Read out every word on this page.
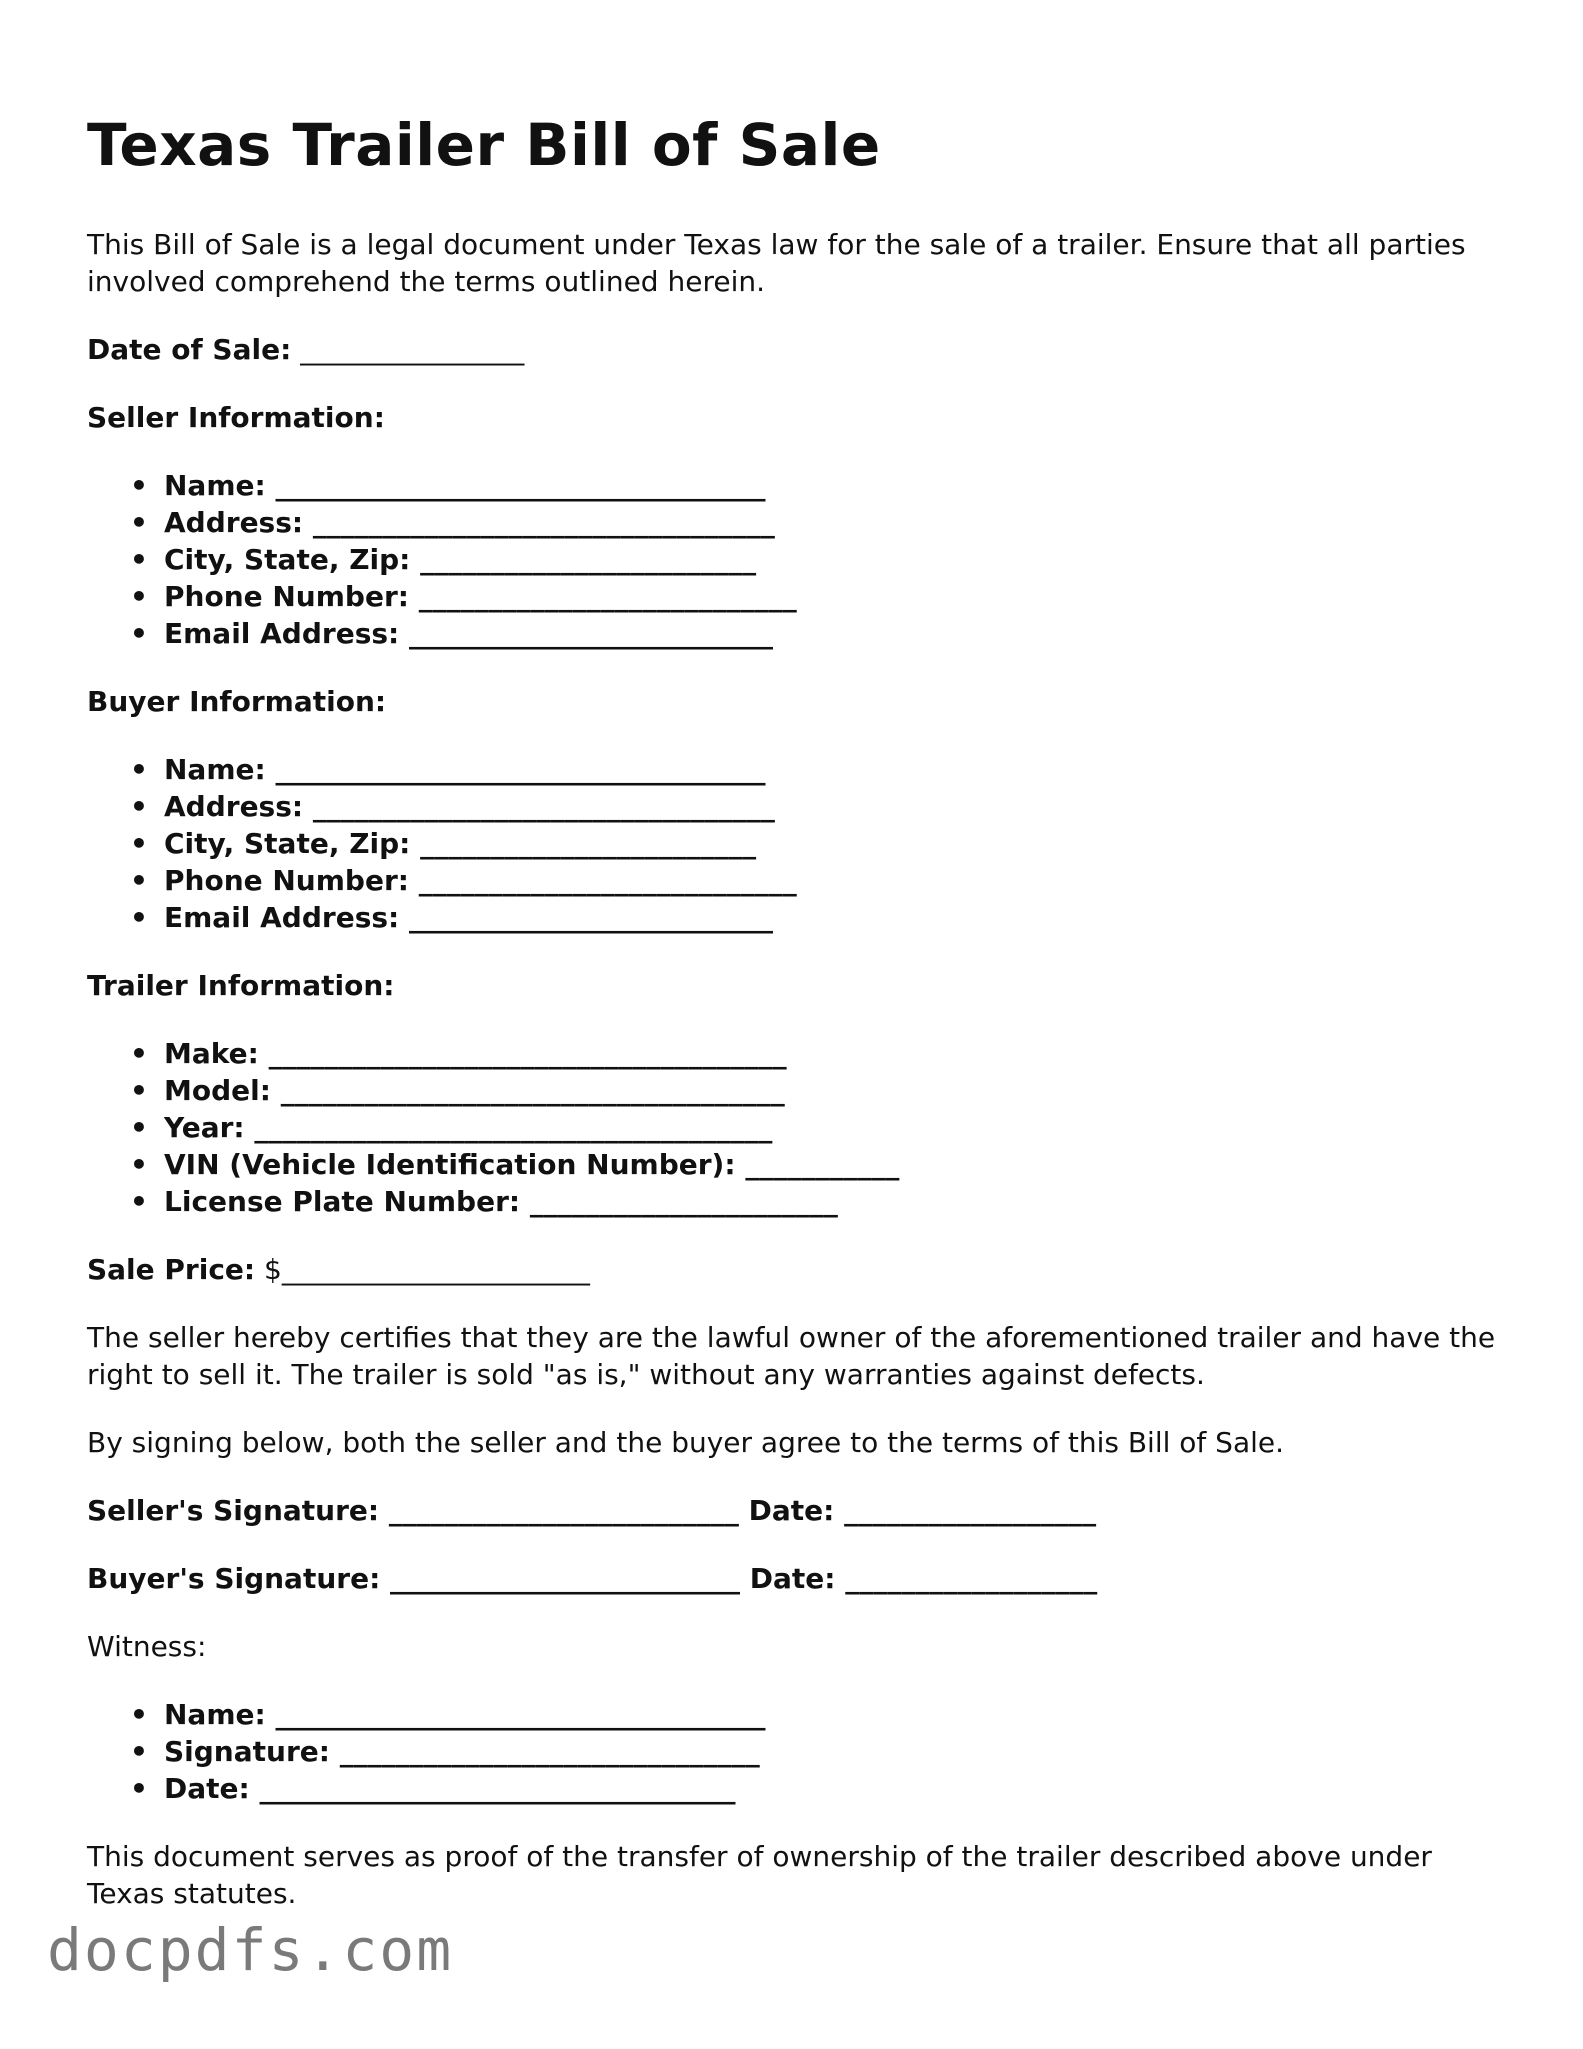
Texas Trailer Bill of Sale

This Bill of Sale is a legal document under Texas law for the sale of a trailer. Ensure that all parties involved comprehend the terms outlined herein.

Date of Sale: ________________

Seller Information:

• Name: ___________________________________
• Address: _________________________________
• City, State, Zip: ________________________
• Phone Number: ___________________________
• Email Address: __________________________

Buyer Information:

• Name: ___________________________________
• Address: _________________________________
• City, State, Zip: ________________________
• Phone Number: ___________________________
• Email Address: __________________________

Trailer Information:

• Make: _____________________________________
• Model: ____________________________________
• Year: _____________________________________
• VIN (Vehicle Identification Number): ___________
• License Plate Number: ______________________

Sale Price: $______________________

The seller hereby certifies that they are the lawful owner of the aforementioned trailer and have the right to sell it. The trailer is sold "as is," without any warranties against defects.

By signing below, both the seller and the buyer agree to the terms of this Bill of Sale.

Seller's Signature: _________________________ Date: __________________

Buyer's Signature: _________________________ Date: __________________

Witness:

• Name: ___________________________________
• Signature: ______________________________
• Date: __________________________________

This document serves as proof of the transfer of ownership of the trailer described above under Texas statutes.

docpdfs.com
